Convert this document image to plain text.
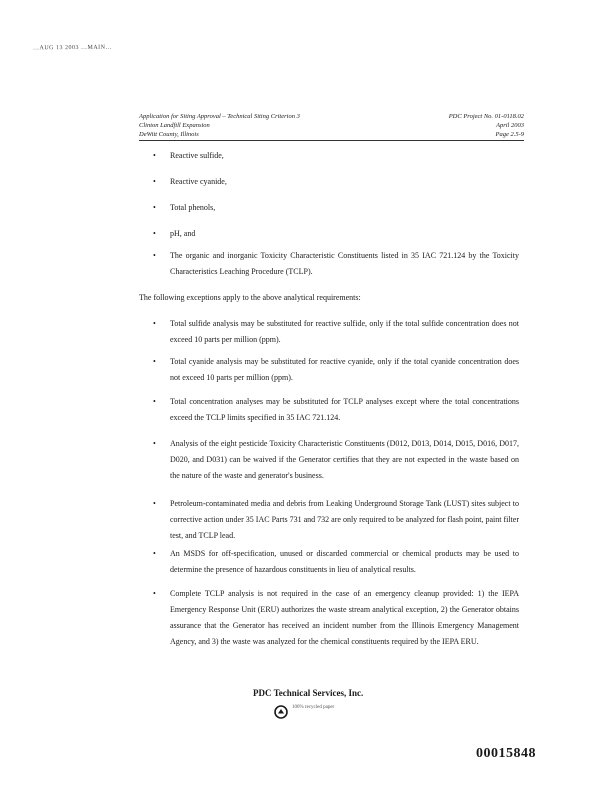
…AUG 13 2003 …MAIN…
Application for Siting Approval – Technical Siting Criterion 3
Clinton Landfill Expansion
DeWitt County, Illinois
PDC Project No. 01-0118.02
April 2003
Page 2.5-9
• Reactive sulfide,
• Reactive cyanide,
• Total phenols,
• pH, and
• The organic and inorganic Toxicity Characteristic Constituents listed in 35 IAC 721.124 by the Toxicity Characteristics Leaching Procedure (TCLP).
The following exceptions apply to the above analytical requirements:
• Total sulfide analysis may be substituted for reactive sulfide, only if the total sulfide concentration does not exceed 10 parts per million (ppm).
• Total cyanide analysis may be substituted for reactive cyanide, only if the total cyanide concentration does not exceed 10 parts per million (ppm).
• Total concentration analyses may be substituted for TCLP analyses except where the total concentrations exceed the TCLP limits specified in 35 IAC 721.124.
• Analysis of the eight pesticide Toxicity Characteristic Constituents (D012, D013, D014, D015, D016, D017, D020, and D031) can be waived if the Generator certifies that they are not expected in the waste based on the nature of the waste and generator's business.
• Petroleum-contaminated media and debris from Leaking Underground Storage Tank (LUST) sites subject to corrective action under 35 IAC Parts 731 and 732 are only required to be analyzed for flash point, paint filter test, and TCLP lead.
• An MSDS for off-specification, unused or discarded commercial or chemical products may be used to determine the presence of hazardous constituents in lieu of analytical results.
• Complete TCLP analysis is not required in the case of an emergency cleanup provided: 1) the IEPA Emergency Response Unit (ERU) authorizes the waste stream analytical exception, 2) the Generator obtains assurance that the Generator has received an incident number from the Illinois Emergency Management Agency, and 3) the waste was analyzed for the chemical constituents required by the IEPA ERU.
PDC Technical Services, Inc.
100% recycled paper
00015848
